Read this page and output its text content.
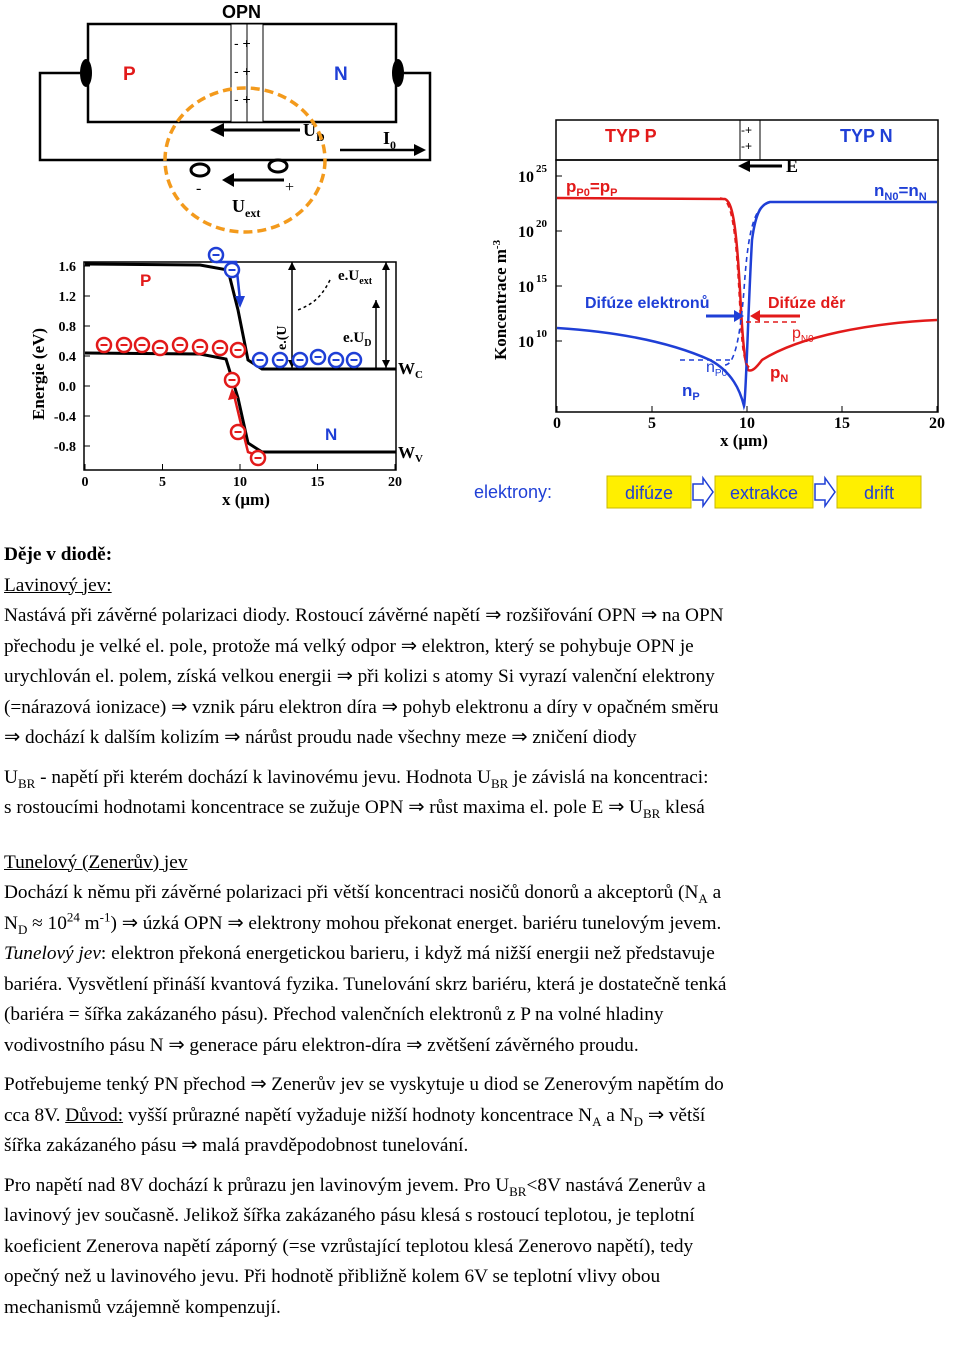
OPN
- +
- +
- +
P	N
$U_D$	$I_0$
-	+
$U_{ext}$
1.6
1.2
0.8
0.4
0.0
-0.4
-0.8
0	5	10	15	20
Energie (eV)
x (μm)
P
N
$W_C$
$W_V$
$e.U_{ext}$
$e.U_D$
e.(U
-+
-+
TYP P	TYP N
E
10 25
10 20
10 15
10 10
0	5	10	15	20
Koncentrace $m^{-3}$
x (μm)
$p_{P0}=p_P$	$n_{N0}=n_N$
Difúze elektronů	Difúze děr
$p_{N0}$
$n_{P0}$	$p_N$
$n_P$
elektrony:	difúze	extrakce	drift

Děje v diodě:

Lavinový jev:

Nastává při závěrné polarizaci diody. Rostoucí závěrné napětí ⇒ rozšiřování OPN ⇒ na OPN

přechodu je velké el. pole, protože má velký odpor ⇒ elektron, který se pohybuje OPN je

urychlován el. polem, získá velkou energii ⇒ při kolizi s atomy Si vyrazí valenční elektrony

(=nárazová ionizace) ⇒ vznik páru elektron díra ⇒ pohyb elektronu a díry v opačném směru

⇒ dochází k dalším kolizím ⇒ nárůst proudu nade všechny meze ⇒ zničení diody

$U_{BR}$ - napětí při kterém dochází k lavinovému jevu. Hodnota $U_{BR}$ je závislá na koncentraci:

s rostoucími hodnotami koncentrace se zužuje OPN ⇒ růst maxima el. pole E ⇒ $U_{BR}$ klesá

Tunelový (Zenerův) jev

Dochází k němu při závěrné polarizaci při větší koncentraci nosičů donorů a akceptorů ($N_A$ a

$N_D \approx 10^{24}$ $m^{-1}$) ⇒ úzká OPN ⇒ elektrony mohou překonat energet. bariéru tunelovým jevem.

Tunelový jev: elektron překoná energetickou barieru, i když má nižší energii než představuje

bariéra. Vysvětlení přináší kvantová fyzika. Tunelování skrz bariéru, která je dostatečně tenká

(bariéra = šířka zakázaného pásu). Přechod valenčních elektronů z P na volné hladiny

vodivostního pásu N ⇒ generace páru elektron-díra ⇒ zvětšení závěrného proudu.

Potřebujeme tenký PN přechod ⇒ Zenerův jev se vyskytuje u diod se Zenerovým napětím do

cca 8V. Důvod: vyšší průrazné napětí vyžaduje nižší hodnoty koncentrace $N_A$ a $N_D$ ⇒ větší

šířka zakázaného pásu ⇒ malá pravděpodobnost tunelování.

Pro napětí nad 8V dochází k průrazu jen lavinovým jevem. Pro $U_{BR}<8V$ nastává Zenerův a

lavinový jev současně. Jelikož šířka zakázaného pásu klesá s rostoucí teplotou, je teplotní

koeficient Zenerova napětí záporný (=se vzrůstající teplotou klesá Zenerovo napětí), tedy

opečný než u lavinového jevu. Při hodnotě přibližně kolem 6V se teplotní vlivy obou

mechanismů vzájemně kompenzují.
